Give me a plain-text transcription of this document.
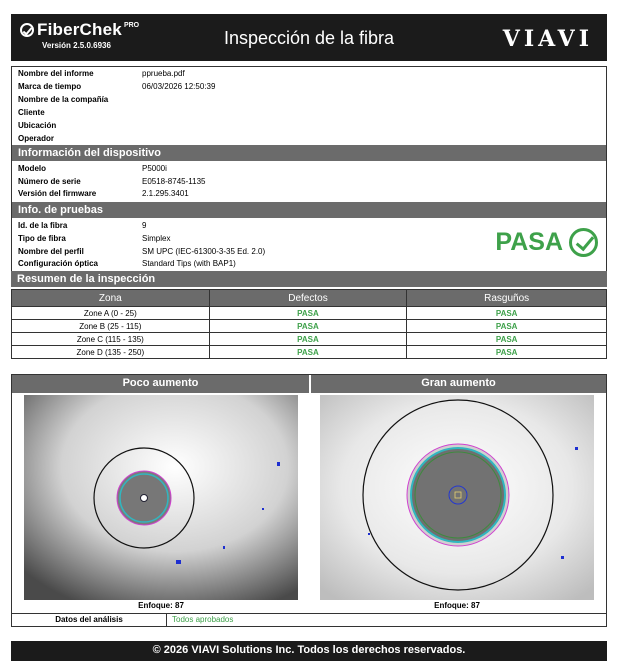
FiberChek PRO
Versión 2.5.0.6936	Inspección de la fibra	VIAVI
Nombre del informe	pprueba.pdf
Marca de tiempo	06/03/2026 12:50:39
Nombre de la compañía
Cliente
Ubicación
Operador
Información del dispositivo
Modelo	P5000i
Número de serie	E0518-8745-1135
Versión del firmware	2.1.295.3401
Info. de pruebas
Id. de la fibra	9
Tipo de fibra	Simplex
Nombre del perfil	SM UPC (IEC-61300-3-35 Ed. 2.0)
Configuración óptica	Standard Tips (with BAP1)
PASA
Resumen de la inspección
Zona	Defectos	Rasguños
Zone A (0 - 25)	PASA	PASA
Zone B (25 - 115)	PASA	PASA
Zone C (115 - 135)	PASA	PASA
Zone D (135 - 250)	PASA	PASA
Poco aumento	Gran aumento
Enfoque: 87	Enfoque: 87
Datos del análisis	Todos aprobados
© 2026 VIAVI Solutions Inc. Todos los derechos reservados.
